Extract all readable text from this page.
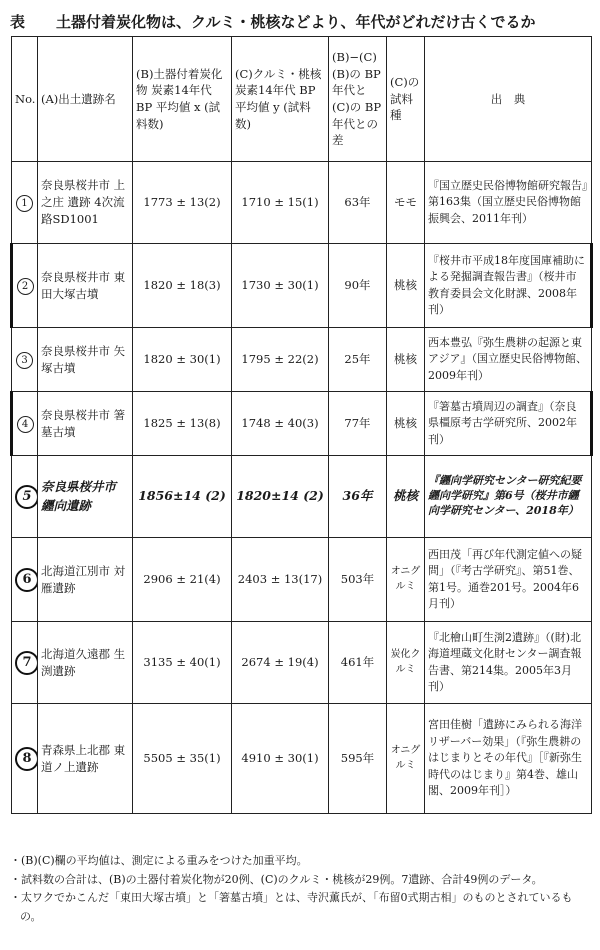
表	土器付着炭化物は、クルミ・桃核などより、年代がどれだけ古くでるか
No.	(A)出土遺跡名	(B)土器付着炭化物 炭素14年代 BP 平均値 x (試料数)	(C)クルミ・桃核 炭素14年代 BP 平均値 y (試料数)	(B)−(C) (B)の BP 年代と (C)の BP 年代との差	(C)の 試料 種	出　典
1	奈良県桜井市 上之庄 遺跡 4次流路SD1001	1773 ± 13(2)	1710 ± 15(1)	63年	モモ	『国立歴史民俗博物館研究報告』第163集（国立歴史民俗博物館振興会、2011年刊）
2	奈良県桜井市 東田大塚古墳	1820 ± 18(3)	1730 ± 30(1)	90年	桃核	『桜井市平成18年度国庫補助による発掘調査報告書』（桜井市教育委員会文化財課、2008年刊）
3	奈良県桜井市 矢塚古墳	1820 ± 30(1)	1795 ± 22(2)	25年	桃核	西本豊弘『弥生農耕の起源と東アジア』（国立歴史民俗博物館、2009年刊）
4	奈良県桜井市 箸墓古墳	1825 ± 13(8)	1748 ± 40(3)	77年	桃核	『箸墓古墳周辺の調査』（奈良県橿原考古学研究所、2002年刊）
5	奈良県桜井市 纒向遺跡	1856±14 (2)	1820±14 (2)	36年	桃核	『纒向学研究センター研究紀要 纒向学研究』第6号（桜井市纒向学研究センター、2018年）
6	北海道江別市 対 雁遺跡	2906 ± 21(4)	2403 ± 13(17)	503年	オニグルミ	西田茂「再び年代測定値への疑問」（『考古学研究』、第51巻、第1号。通巻201号。2004年6月刊）
7	北海道久遠郡 生渕遺跡	3135 ± 40(1)	2674 ± 19(4)	461年	炭化クルミ	『北檜山町生渕2遺跡』（(財)北海道埋蔵文化財センター調査報告書、第214集。2005年3月刊）
8	青森県上北郡 東道ノ上遺跡	5505 ± 35(1)	4910 ± 30(1)	595年	オニグルミ	宮田佳樹「遺跡にみられる海洋リザーバー効果」（『弥生農耕のはじまりとその年代』［『新弥生時代のはじまり』第4巻、雄山閣、2009年刊］）

・(B)(C)欄の平均値は、測定による重みをつけた加重平均。

・試料数の合計は、(B)の土器付着炭化物が20例、(C)のクルミ・桃核が29例。7遺跡、合計49例のデータ。

・太ワクでかこんだ「東田大塚古墳」と「箸墓古墳」とは、寺沢薫氏が、「布留0式期古相」のものとされているもの。
